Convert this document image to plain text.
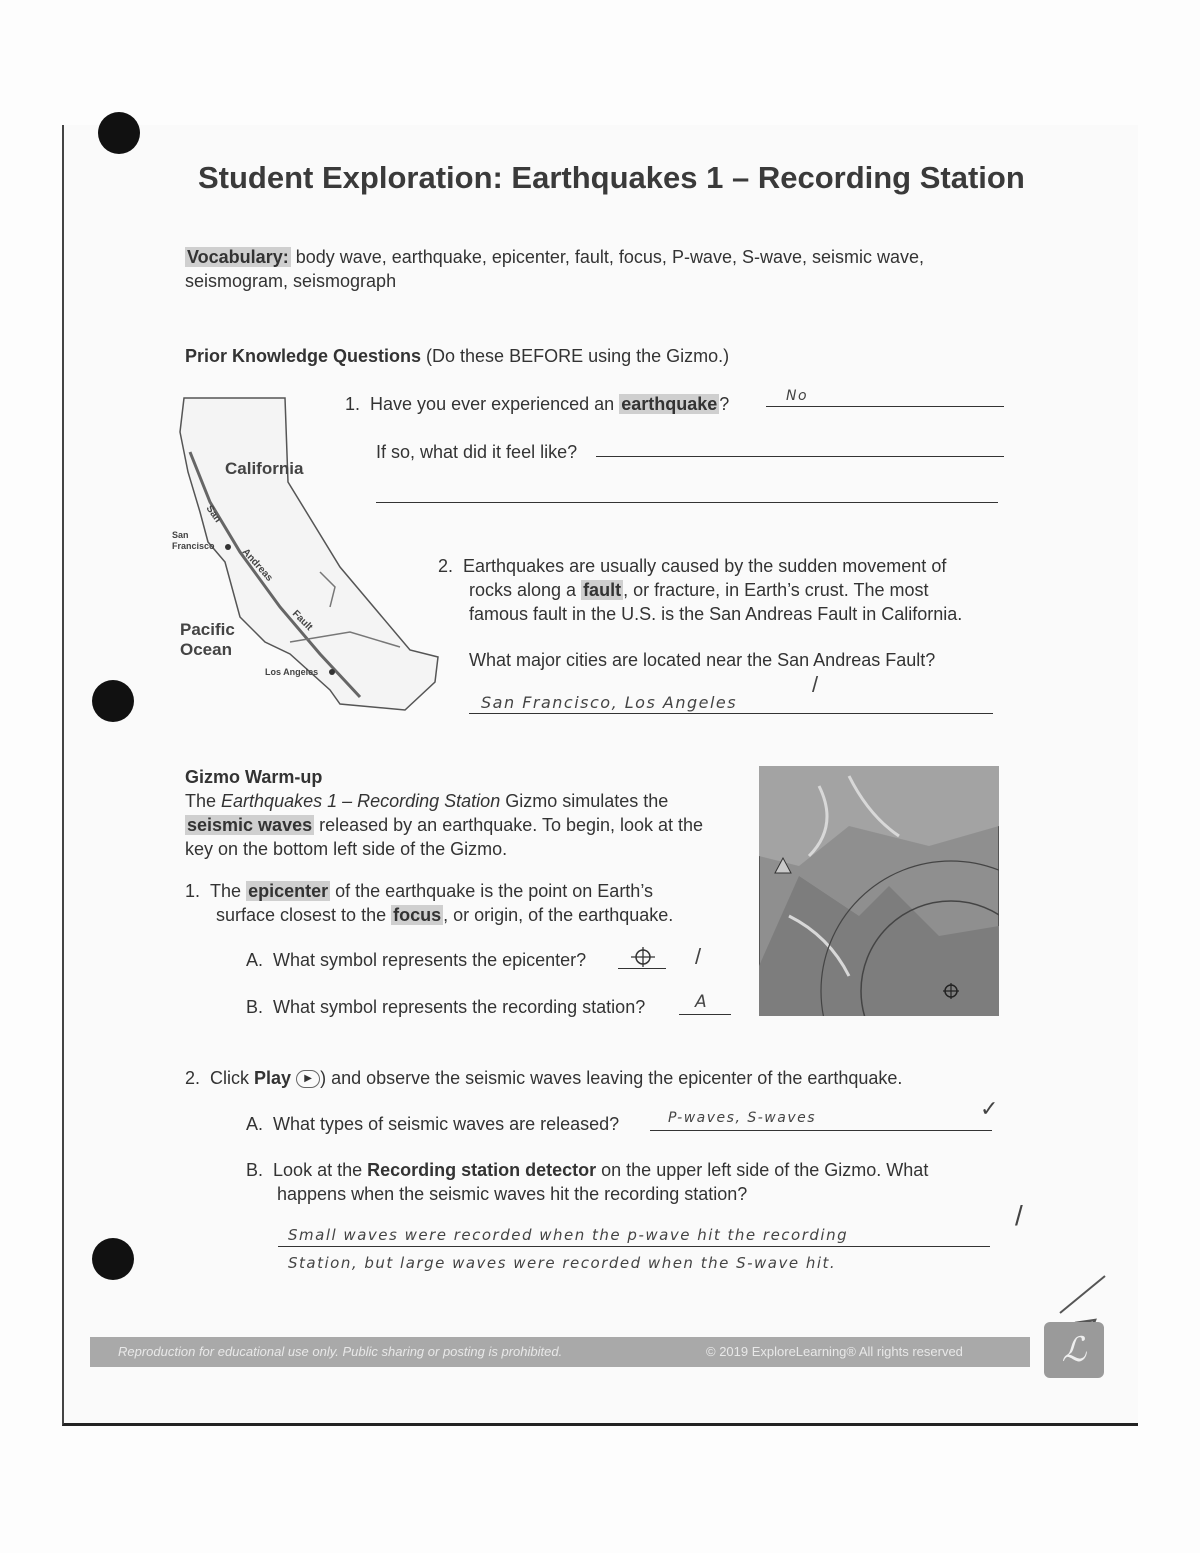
Student Exploration: Earthquakes 1 – Recording Station
Vocabulary: body wave, earthquake, epicenter, fault, focus, P-wave, S-wave, seismic wave,
seismogram, seismograph
Prior Knowledge Questions (Do these BEFORE using the Gizmo.)
California
San
Francisco
San
Andreas
Fault
Pacific
Ocean
Los Angeles
1. Have you ever experienced an earthquake ?	No
If so, what did it feel like?
2. Earthquakes are usually caused by the sudden movement of
rocks along a fault , or fracture, in Earth’s crust. The most
famous fault in the U.S. is the San Andreas Fault in California.
What major cities are located near the San Andreas Fault?
San Francisco, Los Angeles
/
Gizmo Warm-up
The Earthquakes 1 – Recording Station Gizmo simulates the
seismic waves released by an earthquake. To begin, look at the
key on the bottom left side of the Gizmo.
1. The epicenter of the earthquake is the point on Earth’s
surface closest to the focus , or origin, of the earthquake.
A. What symbol represents the epicenter?	/
B. What symbol represents the recording station?	A
2. Click Play ▶ ) and observe the seismic waves leaving the epicenter of the earthquake.
A. What types of seismic waves are released?	P-waves, S-waves	✓
B. Look at the Recording station detector on the upper left side of the Gizmo. What
happens when the seismic waves hit the recording station?
Small waves were recorded when the p-wave hit the recording
Station, but large waves were recorded when the S-wave hit.
/
Reproduction for educational use only. Public sharing or posting is prohibited.	© 2019 ExploreLearning® All rights reserved	ℒ
